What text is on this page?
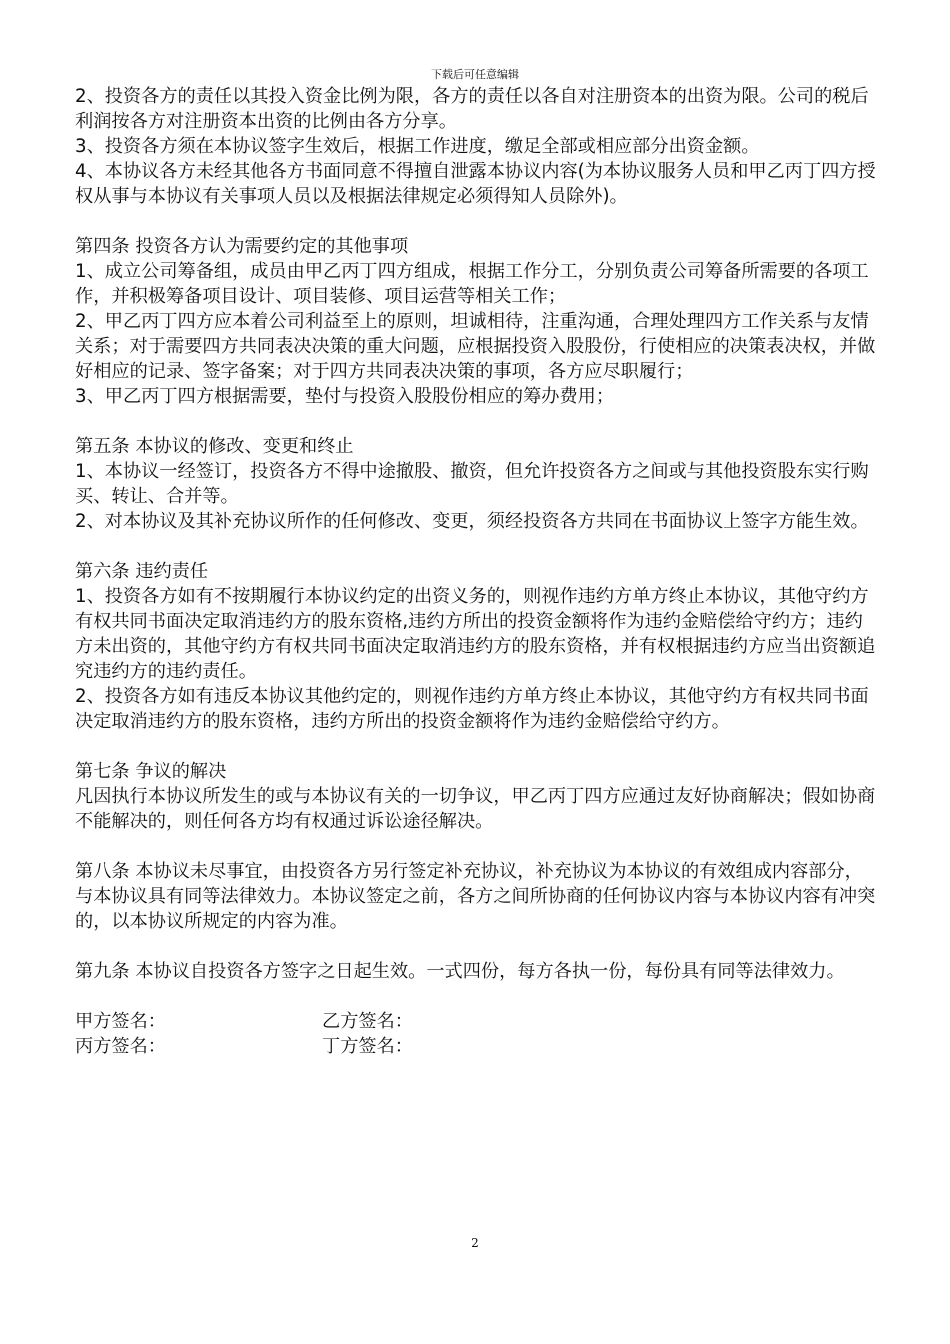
下载后可任意编辑

2、投资各方的责任以其投入资金比例为限，各方的责任以各自对注册资本的出资为限。公司的税后利润按各方对注册资本出资的比例由各方分享。

3、投资各方须在本协议签字生效后，根据工作进度，缴足全部或相应部分出资金额。

4、本协议各方未经其他各方书面同意不得擅自泄露本协议内容(为本协议服务人员和甲乙丙丁四方授权从事与本协议有关事项人员以及根据法律规定必须得知人员除外)。

第四条 投资各方认为需要约定的其他事项

1、成立公司筹备组，成员由甲乙丙丁四方组成，根据工作分工，分别负责公司筹备所需要的各项工作，并积极筹备项目设计、项目装修、项目运营等相关工作；

2、甲乙丙丁四方应本着公司利益至上的原则，坦诚相待，注重沟通，合理处理四方工作关系与友情关系；对于需要四方共同表决决策的重大问题，应根据投资入股股份，行使相应的决策表决权，并做好相应的记录、签字备案；对于四方共同表决决策的事项，各方应尽职履行；

3、甲乙丙丁四方根据需要，垫付与投资入股股份相应的筹办费用；

第五条 本协议的修改、变更和终止

1、本协议一经签订，投资各方不得中途撤股、撤资，但允许投资各方之间或与其他投资股东实行购买、转让、合并等。

2、对本协议及其补充协议所作的任何修改、变更，须经投资各方共同在书面协议上签字方能生效。

第六条 违约责任

1、投资各方如有不按期履行本协议约定的出资义务的，则视作违约方单方终止本协议，其他守约方有权共同书面决定取消违约方的股东资格,违约方所出的投资金额将作为违约金赔偿给守约方；违约方未出资的，其他守约方有权共同书面决定取消违约方的股东资格，并有权根据违约方应当出资额追究违约方的违约责任。

2、投资各方如有违反本协议其他约定的，则视作违约方单方终止本协议，其他守约方有权共同书面决定取消违约方的股东资格，违约方所出的投资金额将作为违约金赔偿给守约方。

第七条 争议的解决

凡因执行本协议所发生的或与本协议有关的一切争议，甲乙丙丁四方应通过友好协商解决；假如协商不能解决的，则任何各方均有权通过诉讼途径解决。

第八条 本协议未尽事宜，由投资各方另行签定补充协议，补充协议为本协议的有效组成内容部分，与本协议具有同等法律效力。本协议签定之前，各方之间所协商的任何协议内容与本协议内容有冲突的，以本协议所规定的内容为准。

第九条 本协议自投资各方签字之日起生效。一式四份，每方各执一份，每份具有同等法律效力。

甲方签名：	乙方签名：
丙方签名：	丁方签名：
2
